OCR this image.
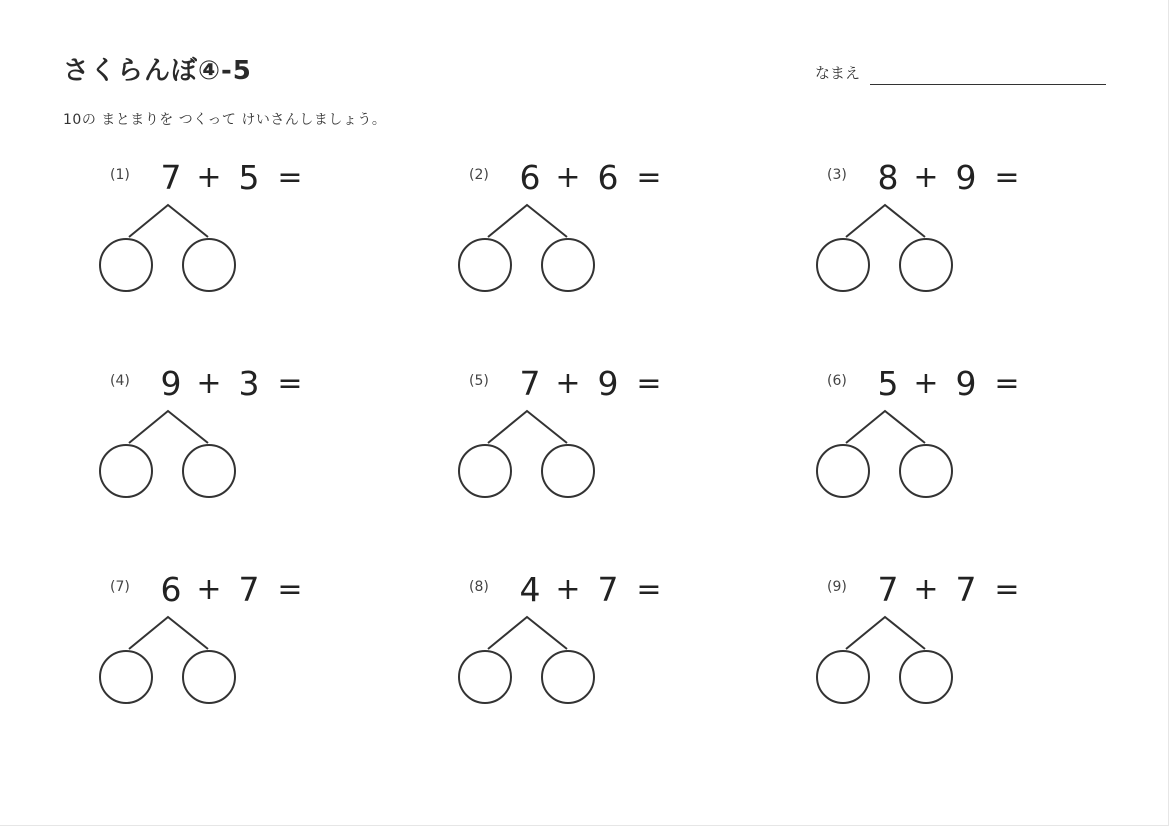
さくらんぼ④-5	なまえ
10の まとまりを つくって けいさんしましょう。
(1) 7 + 5 =	(2) 6 + 6 =	(3) 8 + 9 =
(4) 9 + 3 =	(5) 7 + 9 =	(6) 5 + 9 =
(7) 6 + 7 =	(8) 4 + 7 =	(9) 7 + 7 =
